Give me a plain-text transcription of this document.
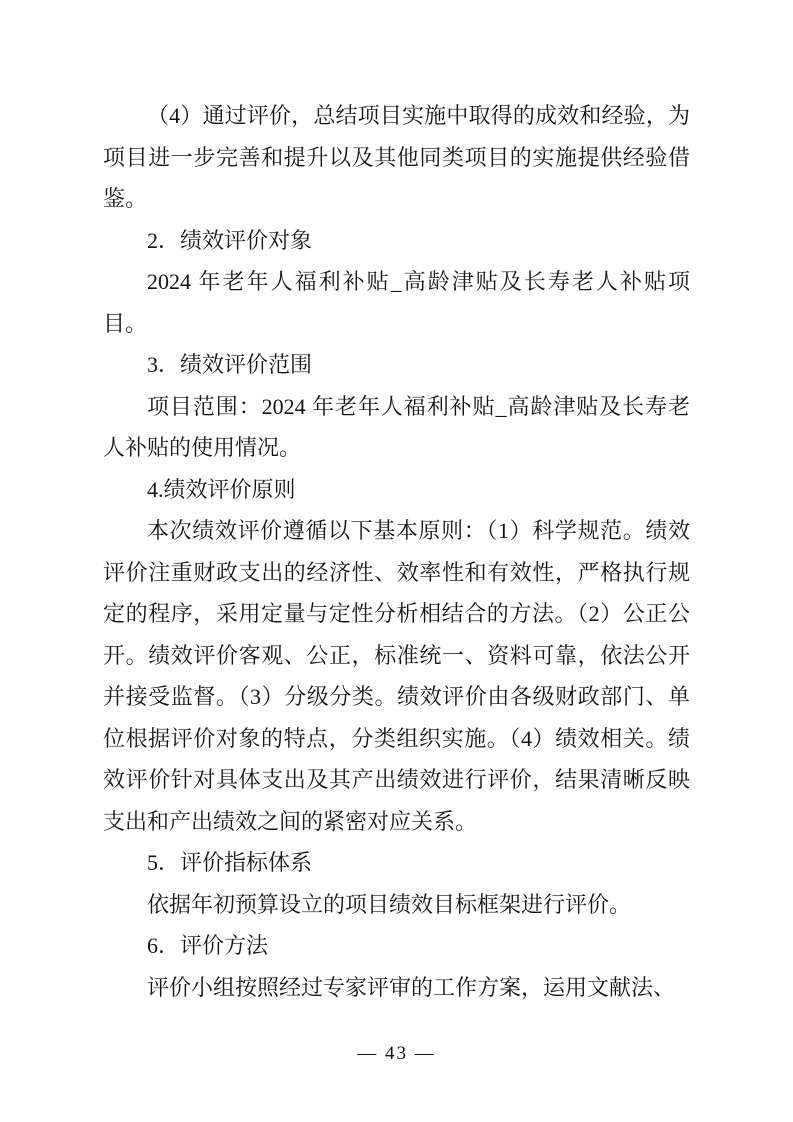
（4）通过评价，总结项目实施中取得的成效和经验，为项目进一步完善和提升以及其他同类项目的实施提供经验借鉴。

2．绩效评价对象

2024 年老年人福利补贴_高龄津贴及长寿老人补贴项目。

3．绩效评价范围

项目范围：2024 年老年人福利补贴_高龄津贴及长寿老人补贴的使用情况。

4.绩效评价原则

本次绩效评价遵循以下基本原则：（1）科学规范。绩效评价注重财政支出的经济性、效率性和有效性，严格执行规定的程序，采用定量与定性分析相结合的方法。（2）公正公开。绩效评价客观、公正，标准统一、资料可靠，依法公开并接受监督。（3）分级分类。绩效评价由各级财政部门、单位根据评价对象的特点，分类组织实施。（4）绩效相关。绩效评价针对具体支出及其产出绩效进行评价，结果清晰反映支出和产出绩效之间的紧密对应关系。

5．评价指标体系

依据年初预算设立的项目绩效目标框架进行评价。

6．评价方法

评价小组按照经过专家评审的工作方案，运用文献法、

— 43 —
